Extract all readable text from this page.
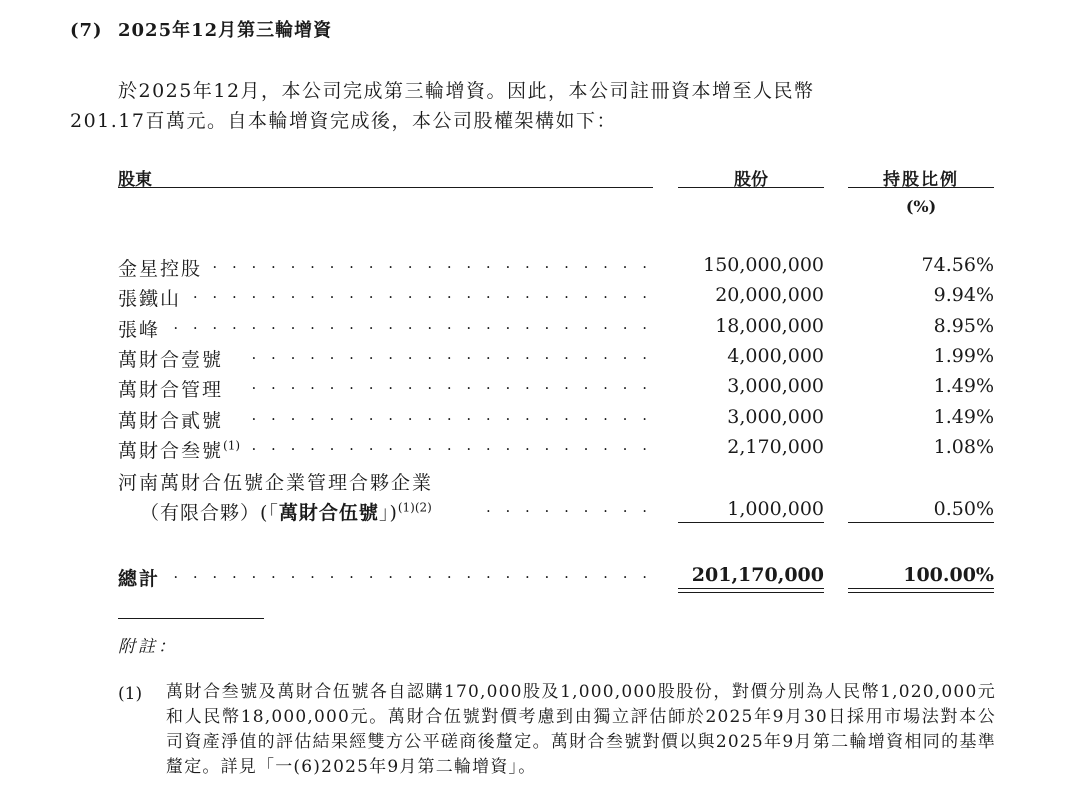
(7) 2025年12月第三輪增資
於2025年12月，本公司完成第三輪增資。因此，本公司註冊資本增至人民幣
201.17百萬元。自本輪增資完成後，本公司股權架構如下：
股東	股份	持股比例
(%)
金星控股 . . . . . . . . . . . . . . . . . . . . . . .	150,000,000	74.56%
張鐵山 . . . . . . . . . . . . . . . . . . . . . . . .	20,000,000	9.94%
張峰 . . . . . . . . . . . . . . . . . . . . . . . . .	18,000,000	8.95%
萬財合壹號 . . . . . . . . . . . . . . . . . . . . .	4,000,000	1.99%
萬財合管理 . . . . . . . . . . . . . . . . . . . . .	3,000,000	1.49%
萬財合貳號 . . . . . . . . . . . . . . . . . . . . .	3,000,000	1.49%
萬財合叁號$^{(1)}$ . . . . . . . . . . . . . . . . . . . . .	2,170,000	1.08%
河南萬財合伍號企業管理合夥企業
（有限合夥）(「萬財合伍號」)$^{(1)(2)}$	. . . . . . . . .	1,000,000	0.50%
總計 . . . . . . . . . . . . . . . . . . . . . . . . .	201,170,000	100.00%
附註：
(1) 萬財合叁號及萬財合伍號各自認購170,000股及1,000,000股股份，對價分別為人民幣1,020,000元和人民幣18,000,000元。萬財合伍號對價考慮到由獨立評估師於2025年9月30日採用市場法對本公司資產淨值的評估結果經雙方公平磋商後釐定。萬財合叁號對價以與2025年9月第二輪增資相同的基準釐定。詳見「一(6)2025年9月第二輪增資」。
